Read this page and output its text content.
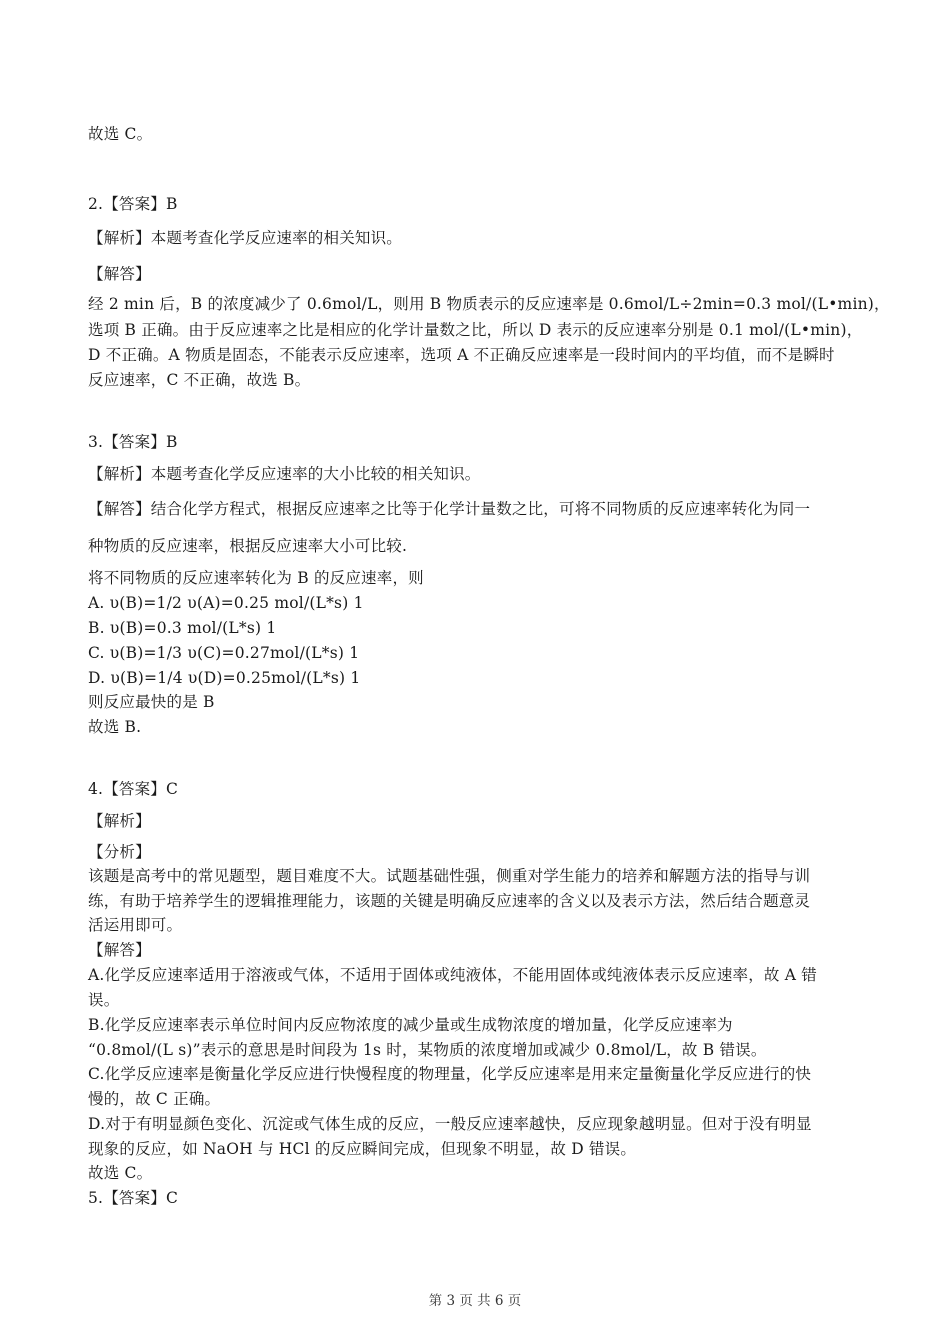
故选 C。
2.【答案】B
【解析】本题考查化学反应速率的相关知识。
【解答】
经 2 min 后，B 的浓度减少了 0.6mol/L，则用 B 物质表示的反应速率是 0.6mol/L÷2min=0.3 mol/(L•min)，
选项 B 正确。由于反应速率之比是相应的化学计量数之比，所以 D 表示的反应速率分别是 0.1 mol/(L•min)，
D 不正确。A 物质是固态，不能表示反应速率，选项 A 不正确反应速率是一段时间内的平均值，而不是瞬时
反应速率，C 不正确，故选 B。
3.【答案】B
【解析】本题考查化学反应速率的大小比较的相关知识。
【解答】结合化学方程式，根据反应速率之比等于化学计量数之比，可将不同物质的反应速率转化为同一
种物质的反应速率，根据反应速率大小可比较.
将不同物质的反应速率转化为 B 的反应速率，则
A. υ(B)=1/2 υ(A)=0.25 mol/(L*s) 1
B. υ(B)=0.3 mol/(L*s) 1
C. υ(B)=1/3 υ(C)=0.27mol/(L*s) 1
D. υ(B)=1/4 υ(D)=0.25mol/(L*s) 1
则反应最快的是 B
故选 B.
4.【答案】C
【解析】
【分析】
该题是高考中的常见题型，题目难度不大。试题基础性强，侧重对学生能力的培养和解题方法的指导与训
练，有助于培养学生的逻辑推理能力，该题的关键是明确反应速率的含义以及表示方法，然后结合题意灵
活运用即可。
【解答】
A.化学反应速率适用于溶液或气体，不适用于固体或纯液体，不能用固体或纯液体表示反应速率，故 A 错
误。
B.化学反应速率表示单位时间内反应物浓度的减少量或生成物浓度的增加量，化学反应速率为
“0.8mol/(L s)”表示的意思是时间段为 1s 时，某物质的浓度增加或减少 0.8mol/L，故 B 错误。
C.化学反应速率是衡量化学反应进行快慢程度的物理量，化学反应速率是用来定量衡量化学反应进行的快
慢的，故 C 正确。
D.对于有明显颜色变化、沉淀或气体生成的反应，一般反应速率越快，反应现象越明显。但对于没有明显
现象的反应，如 NaOH 与 HCl 的反应瞬间完成，但现象不明显，故 D 错误。
故选 C。
5.【答案】C
第 3 页 共 6 页
